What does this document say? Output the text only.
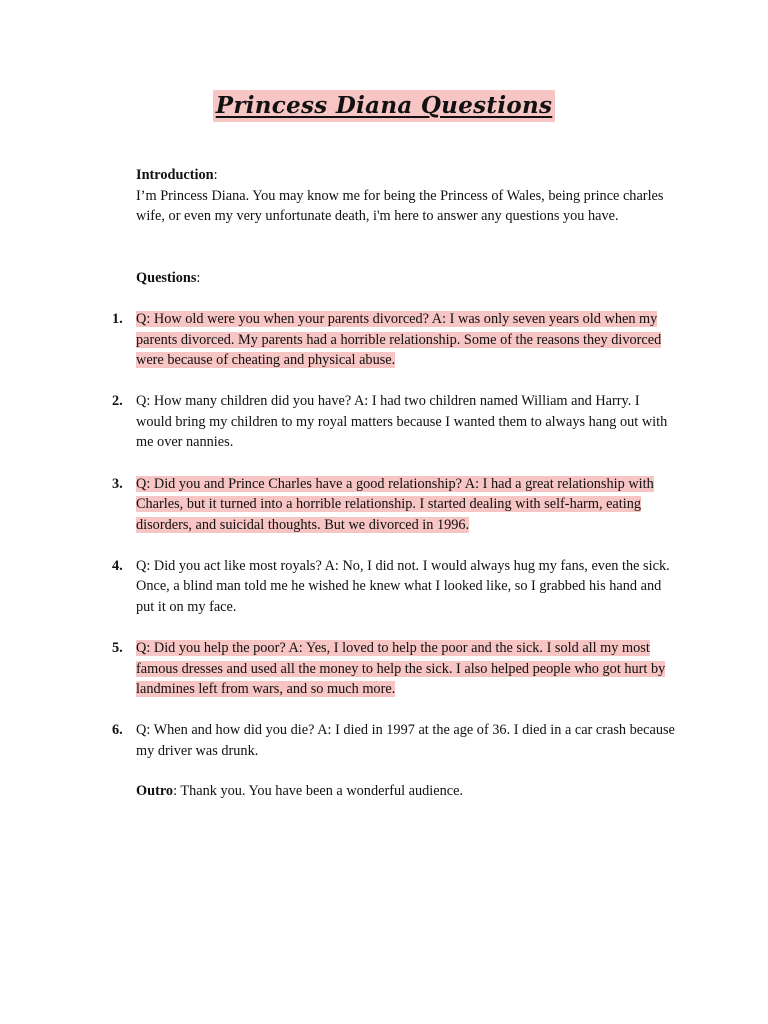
Princess Diana Questions
Introduction:
I’m Princess Diana. You may know me for being the Princess of Wales, being prince charles wife, or even my very unfortunate death, i'm here to answer any questions you have.
Questions:
1. Q: How old were you when your parents divorced? A: I was only seven years old when my parents divorced. My parents had a horrible relationship. Some of the reasons they divorced were because of cheating and physical abuse.
2. Q: How many children did you have? A: I had two children named William and Harry. I would bring my children to my royal matters because I wanted them to always hang out with me over nannies.
3. Q: Did you and Prince Charles have a good relationship? A: I had a great relationship with Charles, but it turned into a horrible relationship. I started dealing with self-harm, eating disorders, and suicidal thoughts. But we divorced in 1996.
4. Q: Did you act like most royals? A: No, I did not. I would always hug my fans, even the sick. Once, a blind man told me he wished he knew what I looked like, so I grabbed his hand and put it on my face.
5. Q: Did you help the poor? A: Yes, I loved to help the poor and the sick. I sold all my most famous dresses and used all the money to help the sick. I also helped people who got hurt by landmines left from wars, and so much more.
6. Q: When and how did you die? A: I died in 1997 at the age of 36. I died in a car crash because my driver was drunk.
Outro: Thank you. You have been a wonderful audience.
